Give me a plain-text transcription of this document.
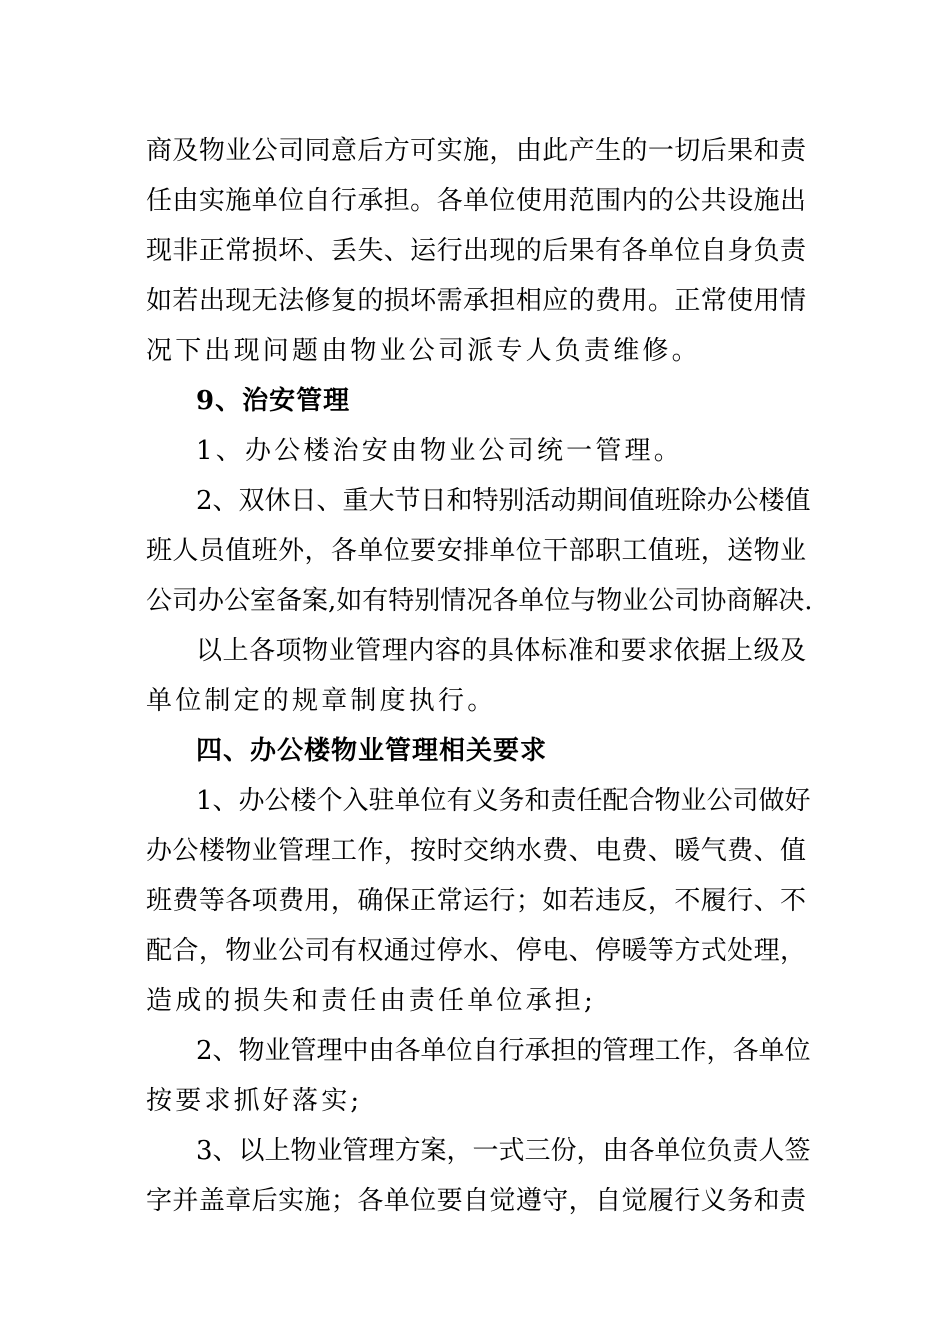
商及物业公司同意后方可实施，由此产生的一切后果和责
任由实施单位自行承担。各单位使用范围内的公共设施出
现非正常损坏、丢失、运行出现的后果有各单位自身负责
如若出现无法修复的损坏需承担相应的费用。正常使用情
况下出现问题由物业公司派专人负责维修。
9、治安管理
1、办公楼治安由物业公司统一管理。
2、双休日、重大节日和特别活动期间值班除办公楼值
班人员值班外，各单位要安排单位干部职工值班，送物业
公司办公室备案,如有特别情况各单位与物业公司协商解决.
以上各项物业管理内容的具体标准和要求依据上级及
单位制定的规章制度执行。
四、办公楼物业管理相关要求
1、办公楼个入驻单位有义务和责任配合物业公司做好
办公楼物业管理工作，按时交纳水费、电费、暖气费、值
班费等各项费用，确保正常运行；如若违反，不履行、不
配合，物业公司有权通过停水、停电、停暖等方式处理，
造成的损失和责任由责任单位承担;
2、物业管理中由各单位自行承担的管理工作，各单位
按要求抓好落实;
3、以上物业管理方案，一式三份，由各单位负责人签
字并盖章后实施；各单位要自觉遵守，自觉履行义务和责
